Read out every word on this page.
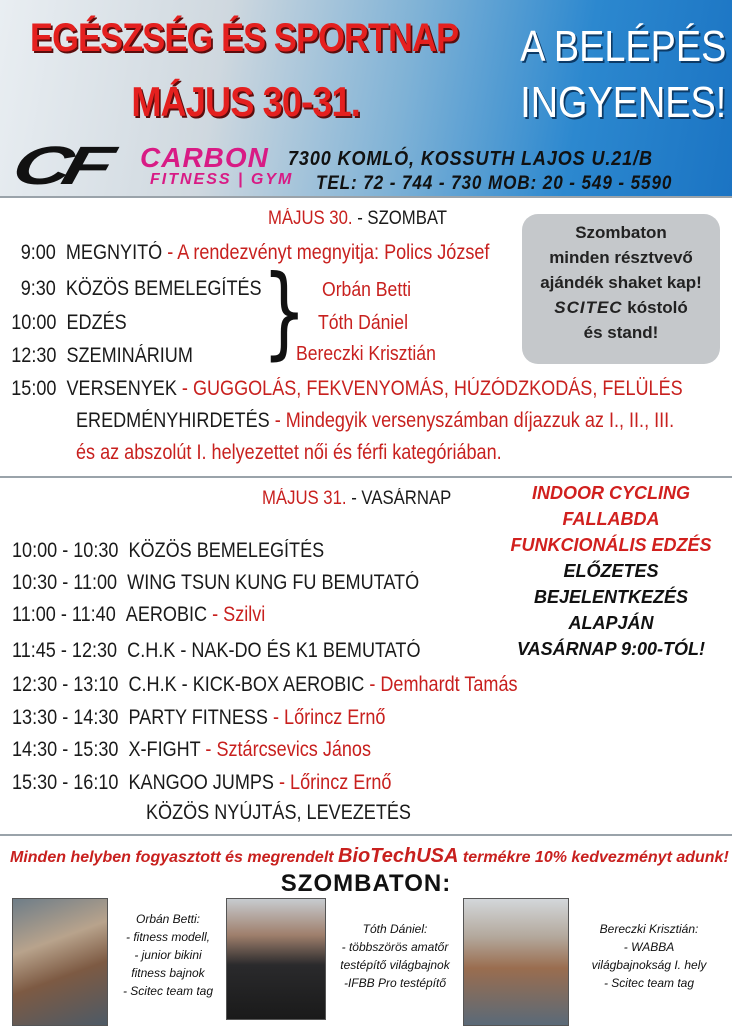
EGÉSZSÉG ÉS SPORTNAP
MÁJUS 30-31.
A BELÉPÉS
INGYENES!
CF CARBON
FITNESS | GYM
7300 KOMLÓ, KOSSUTH LAJOS U.21/B
TEL: 72 - 744 - 730 MOB: 20 - 549 - 5590
MÁJUS 30. - SZOMBAT
9:00 MEGNYITÓ - A rendezvényt megnyitja: Polics József
9:30 KÖZÖS BEMELEGÍTÉS
10:00 EDZÉS
12:30 SZEMINÁRIUM } Orbán Betti
Tóth Dániel
Bereczki Krisztián
15:00 VERSENYEK - GUGGOLÁS, FEKVENYOMÁS, HÚZÓDZKODÁS, FELÜLÉS
EREDMÉNYHIRDETÉS - Mindegyik versenyszámban díjazzuk az I., II., III.
és az abszolút I. helyezettet női és férfi kategóriában.
Szombaton
minden résztvevő
ajándék shaket kap!
SCITEC kóstoló
és stand!
MÁJUS 31. - VASÁRNAP
10:00 - 10:30 KÖZÖS BEMELEGÍTÉS
10:30 - 11:00 WING TSUN KUNG FU BEMUTATÓ
11:00 - 11:40 AEROBIC - Szilvi
11:45 - 12:30 C.H.K - NAK-DO ÉS K1 BEMUTATÓ
12:30 - 13:10 C.H.K - KICK-BOX AEROBIC - Demhardt Tamás
13:30 - 14:30 PARTY FITNESS - Lőrincz Ernő
14:30 - 15:30 X-FIGHT - Sztárcsevics János
15:30 - 16:10 KANGOO JUMPS - Lőrincz Ernő
KÖZÖS NYÚJTÁS, LEVEZETÉS
INDOOR CYCLING
FALLABDA
FUNKCIONÁLIS EDZÉS
ELŐZETES
BEJELENTKEZÉS
ALAPJÁN
VASÁRNAP 9:00-TÓL!
Minden helyben fogyasztott és megrendelt BioTechUSA termékre 10% kedvezményt adunk!
SZOMBATON:
Orbán Betti:
- fitness modell,
- junior bikini
fitness bajnok
- Scitec team tag
Tóth Dániel:
- többszörös amatőr
testépítő világbajnok
-IFBB Pro testépítő
Bereczki Krisztián:
- WABBA
világbajnokság I. hely
- Scitec team tag
